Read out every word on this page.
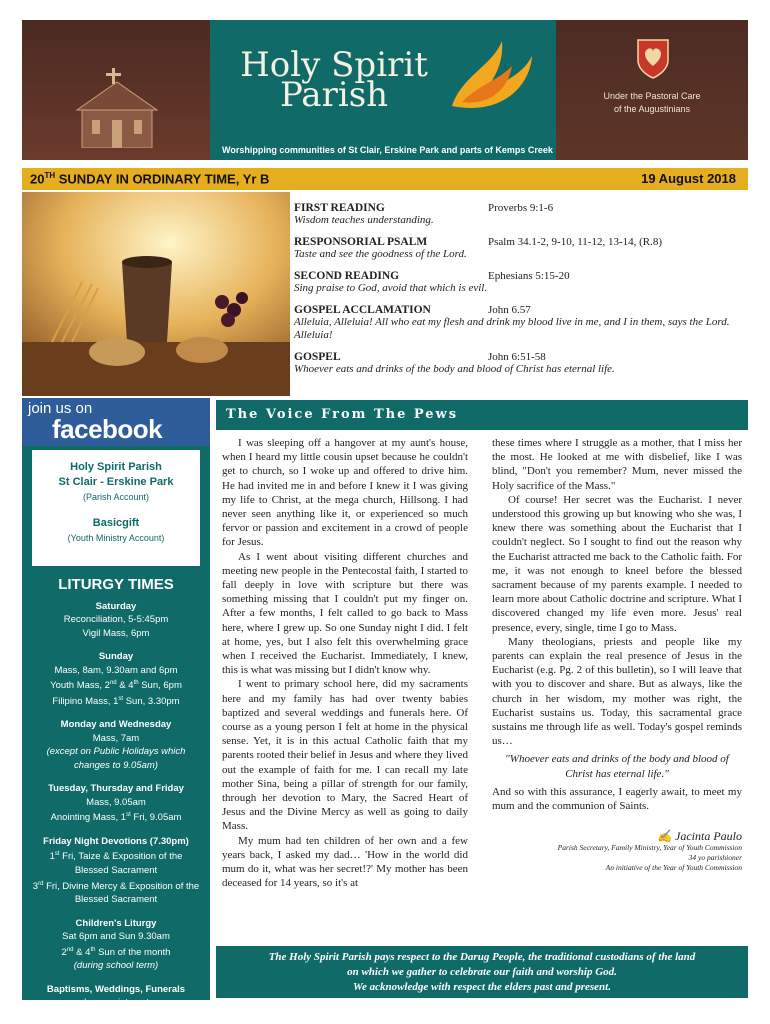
Holy Spirit
Parish	Under the Pastoral Care
of the Augustinians
Worshipping communities of St Clair, Erskine Park and parts of Kemps Creek
20TH SUNDAY IN ORDINARY TIME, Yr B	19 August 2018
FIRST READING	Proverbs 9:1-6
Wisdom teaches understanding.
RESPONSORIAL PSALM	Psalm 34.1-2, 9-10, 11-12, 13-14, (R.8)
Taste and see the goodness of the Lord.
SECOND READING	Ephesians 5:15-20
Sing praise to God, avoid that which is evil.
GOSPEL ACCLAMATION	John 6.57
Alleluia, Alleluia! All who eat my flesh and drink my blood live in me, and I in them, says the Lord. Alleluia!
GOSPEL	John 6:51-58
Whoever eats and drinks of the body and blood of Christ has eternal life.
join us on
facebook
Holy Spirit Parish
St Clair - Erskine Park
(Parish Account)
Basicgift
(Youth Ministry Account)
LITURGY TIMES
Saturday
Reconciliation, 5-5:45pm
Vigil Mass, 6pm
Sunday
Mass, 8am, 9.30am and 6pm
Youth Mass, 2nd & 4th Sun, 6pm
Filipino Mass, 1st Sun, 3.30pm
Monday and Wednesday
Mass, 7am
(except on Public Holidays which changes to 9.05am)
Tuesday, Thursday and Friday
Mass, 9.05am
Anointing Mass, 1st Fri, 9.05am
Friday Night Devotions (7.30pm)
1st Fri, Taize & Exposition of the Blessed Sacrament
3rd Fri, Divine Mercy & Exposition of the Blessed Sacrament
Children's Liturgy
Sat 6pm and Sun 9.30am
2nd & 4th Sun of the month
(during school term)
Baptisms, Weddings, Funerals
by appointment
The Voice From The Pews

I was sleeping off a hangover at my aunt's house, when I heard my little cousin upset because he couldn't get to church, so I woke up and offered to drive him. He had invited me in and before I knew it I was giving my life to Christ, at the mega church, Hillsong. I had never seen anything like it, or experienced so much fervor or passion and excitement in a crowd of people for Jesus.

As I went about visiting different churches and meeting new people in the Pentecostal faith, I started to fall deeply in love with scripture but there was something missing that I couldn't put my finger on. After a few months, I felt called to go back to Mass here, where I grew up. So one Sunday night I did. I felt at home, yes, but I also felt this overwhelming grace when I received the Eucharist. Immediately, I knew, this is what was missing but I didn't know why.

I went to primary school here, did my sacraments here and my family has had over twenty babies baptized and several weddings and funerals here. Of course as a young person I felt at home in the physical sense. Yet, it is in this actual Catholic faith that my parents rooted their belief in Jesus and where they lived out the example of faith for me. I can recall my late mother Sina, being a pillar of strength for our family, through her devotion to Mary, the Sacred Heart of Jesus and the Divine Mercy as well as going to daily Mass.

My mum had ten children of her own and a few years back, I asked my dad… 'How in the world did mum do it, what was her secret!?' My mother has been deceased for 14 years, so it's at

these times where I struggle as a mother, that I miss her the most. He looked at me with disbelief, like I was blind, "Don't you remember? Mum, never missed the Holy sacrifice of the Mass."

Of course! Her secret was the Eucharist. I never understood this growing up but knowing who she was, I knew there was something about the Eucharist that I couldn't neglect. So I sought to find out the reason why the Eucharist attracted me back to the Catholic faith. For me, it was not enough to kneel before the blessed sacrament because of my parents example. I needed to learn more about Catholic doctrine and scripture. What I discovered changed my life even more. Jesus' real presence, every, single, time I go to Mass.

Many theologians, priests and people like my parents can explain the real presence of Jesus in the Eucharist (e.g. Pg. 2 of this bulletin), so I will leave that with you to discover and share. But as always, like the church in her wisdom, my mother was right, the Eucharist sustains us. Today, this sacramental grace sustains me through life as well. Today's gospel reminds us…

"Whoever eats and drinks of the body and blood of Christ has eternal life."

And so with this assurance, I eagerly await, to meet my mum and the communion of Saints.

✍ Jacinta Paulo
Parish Secretary, Family Ministry, Year of Youth Commission
34 yo parishioner
An initiative of the Year of Youth Commission
The Holy Spirit Parish pays respect to the Darug People, the traditional custodians of the land
on which we gather to celebrate our faith and worship God.
We acknowledge with respect the elders past and present.
